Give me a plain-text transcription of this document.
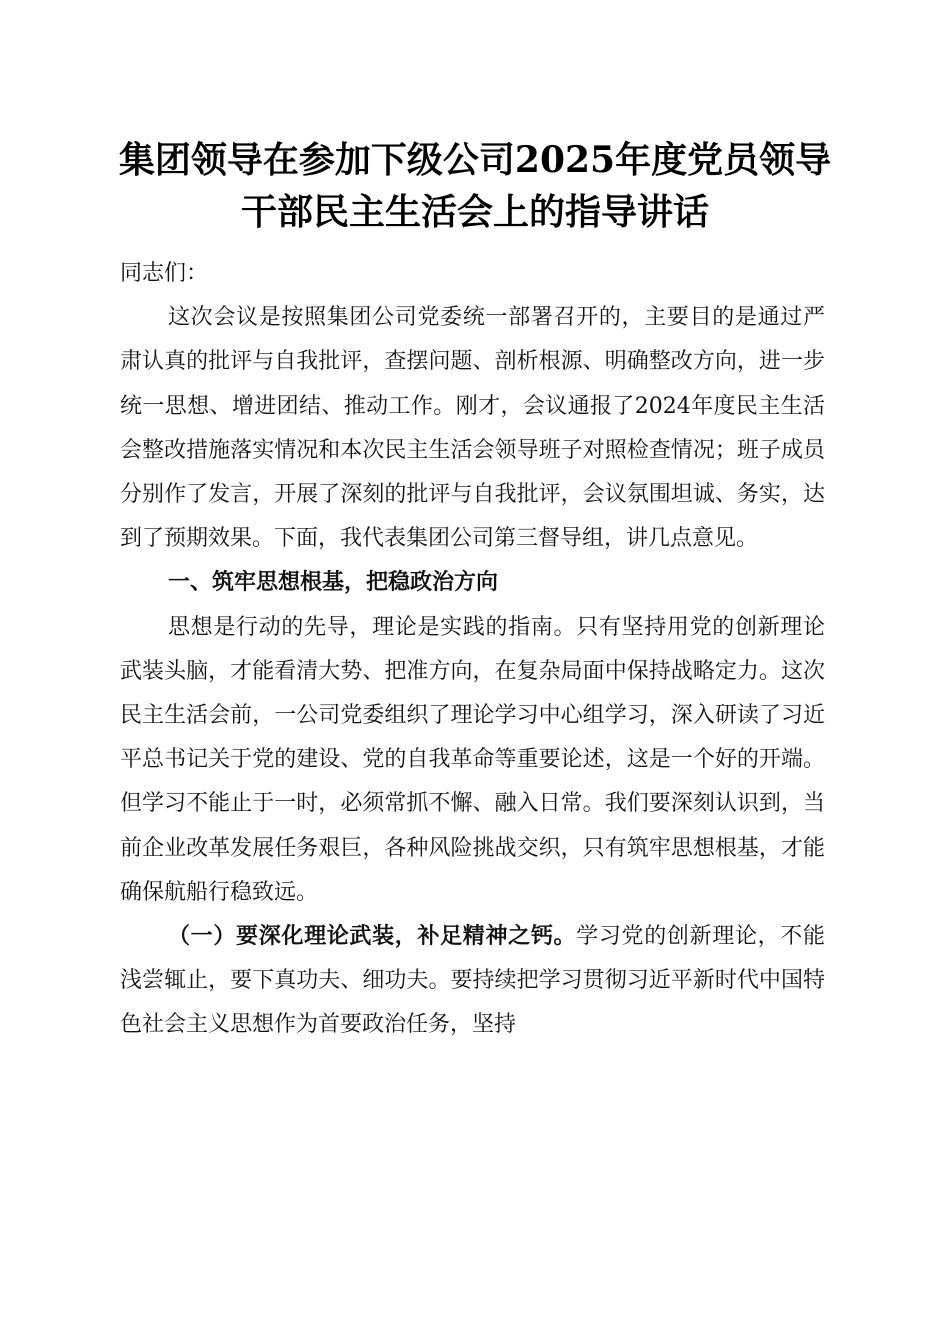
集团领导在参加下级公司2025年度党员领导
干部民主生活会上的指导讲话

同志们：

这次会议是按照集团公司党委统一部署召开的，主要目的是通过严肃认真的批评与自我批评，查摆问题、剖析根源、明确整改方向，进一步统一思想、增进团结、推动工作。刚才，会议通报了2024年度民主生活会整改措施落实情况和本次民主生活会领导班子对照检查情况；班子成员分别作了发言，开展了深刻的批评与自我批评，会议氛围坦诚、务实，达到了预期效果。下面，我代表集团公司第三督导组，讲几点意见。

一、筑牢思想根基，把稳政治方向

思想是行动的先导，理论是实践的指南。只有坚持用党的创新理论武装头脑，才能看清大势、把准方向，在复杂局面中保持战略定力。这次民主生活会前，一公司党委组织了理论学习中心组学习，深入研读了习近平总书记关于党的建设、党的自我革命等重要论述，这是一个好的开端。但学习不能止于一时，必须常抓不懈、融入日常。我们要深刻认识到，当前企业改革发展任务艰巨，各种风险挑战交织，只有筑牢思想根基，才能确保航船行稳致远。

（一）要深化理论武装，补足精神之钙。学习党的创新理论，不能浅尝辄止，要下真功夫、细功夫。要持续把学习贯彻习近平新时代中国特色社会主义思想作为首要政治任务，坚持
